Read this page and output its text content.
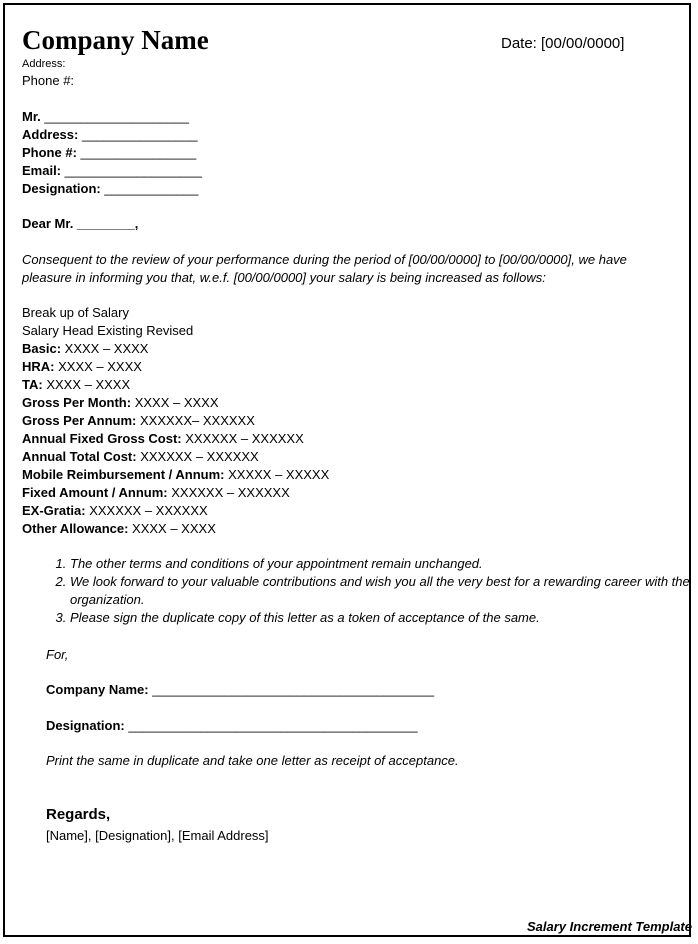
Company Name	Date: [00/00/0000]
Address:
Phone #:
Mr. ____________________
Address: ________________
Phone #: ________________
Email: ___________________
Designation: _____________
Dear Mr. ________,
Consequent to the review of your performance during the period of [00/00/0000] to [00/00/0000], we have pleasure in informing you that, w.e.f. [00/00/0000] your salary is being increased as follows:
Break up of Salary
Salary Head Existing Revised
Basic: XXXX – XXXX
HRA: XXXX – XXXX
TA: XXXX – XXXX
Gross Per Month: XXXX – XXXX
Gross Per Annum: XXXXXX– XXXXXX
Annual Fixed Gross Cost: XXXXXX – XXXXXX
Annual Total Cost: XXXXXX – XXXXXX
Mobile Reimbursement / Annum: XXXXX – XXXXX
Fixed Amount / Annum: XXXXXX – XXXXXX
EX-Gratia: XXXXXX – XXXXXX
Other Allowance: XXXX – XXXX
1. The other terms and conditions of your appointment remain unchanged.
2. We look forward to your valuable contributions and wish you all the very best for a rewarding career with the organization.
3. Please sign the duplicate copy of this letter as a token of acceptance of the same.
For,
Company Name: _______________________________________
Designation: ________________________________________
Print the same in duplicate and take one letter as receipt of acceptance.
Regards,
[Name], [Designation], [Email Address]
Salary Increment Template
